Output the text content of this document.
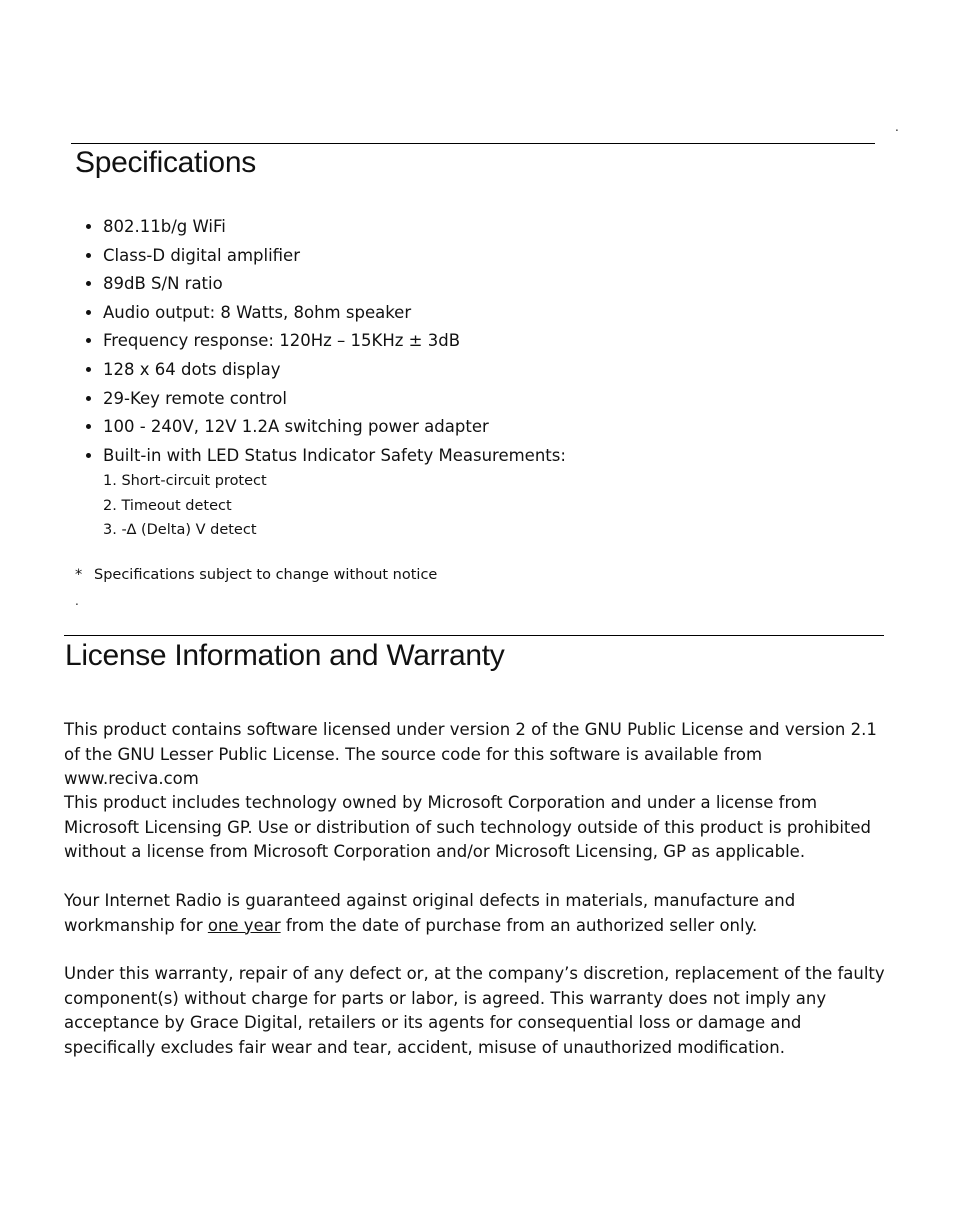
.
Specifications
• 802.11b/g WiFi
• Class-D digital amplifier
• 89dB S/N ratio
• Audio output: 8 Watts, 8ohm speaker
• Frequency response: 120Hz – 15KHz ± 3dB
• 128 x 64 dots display
• 29-Key remote control
• 100 - 240V, 12V 1.2A switching power adapter
• Built-in with LED Status Indicator Safety Measurements:
1. Short-circuit protect
2. Timeout detect
3. -∆ (Delta) V detect
* Specifications subject to change without notice
.
License Information and Warranty

This product contains software licensed under version 2 of the GNU Public License and version 2.1 of the GNU Lesser Public License. The source code for this software is available from www.reciva.com

This product includes technology owned by Microsoft Corporation and under a license from Microsoft Licensing GP. Use or distribution of such technology outside of this product is prohibited without a license from Microsoft Corporation and/or Microsoft Licensing, GP as applicable.

Your Internet Radio is guaranteed against original defects in materials, manufacture and workmanship for one year from the date of purchase from an authorized seller only.

Under this warranty, repair of any defect or, at the company’s discretion, replacement of the faulty component(s) without charge for parts or labor, is agreed. This warranty does not imply any acceptance by Grace Digital, retailers or its agents for consequential loss or damage and specifically excludes fair wear and tear, accident, misuse of unauthorized modification.
